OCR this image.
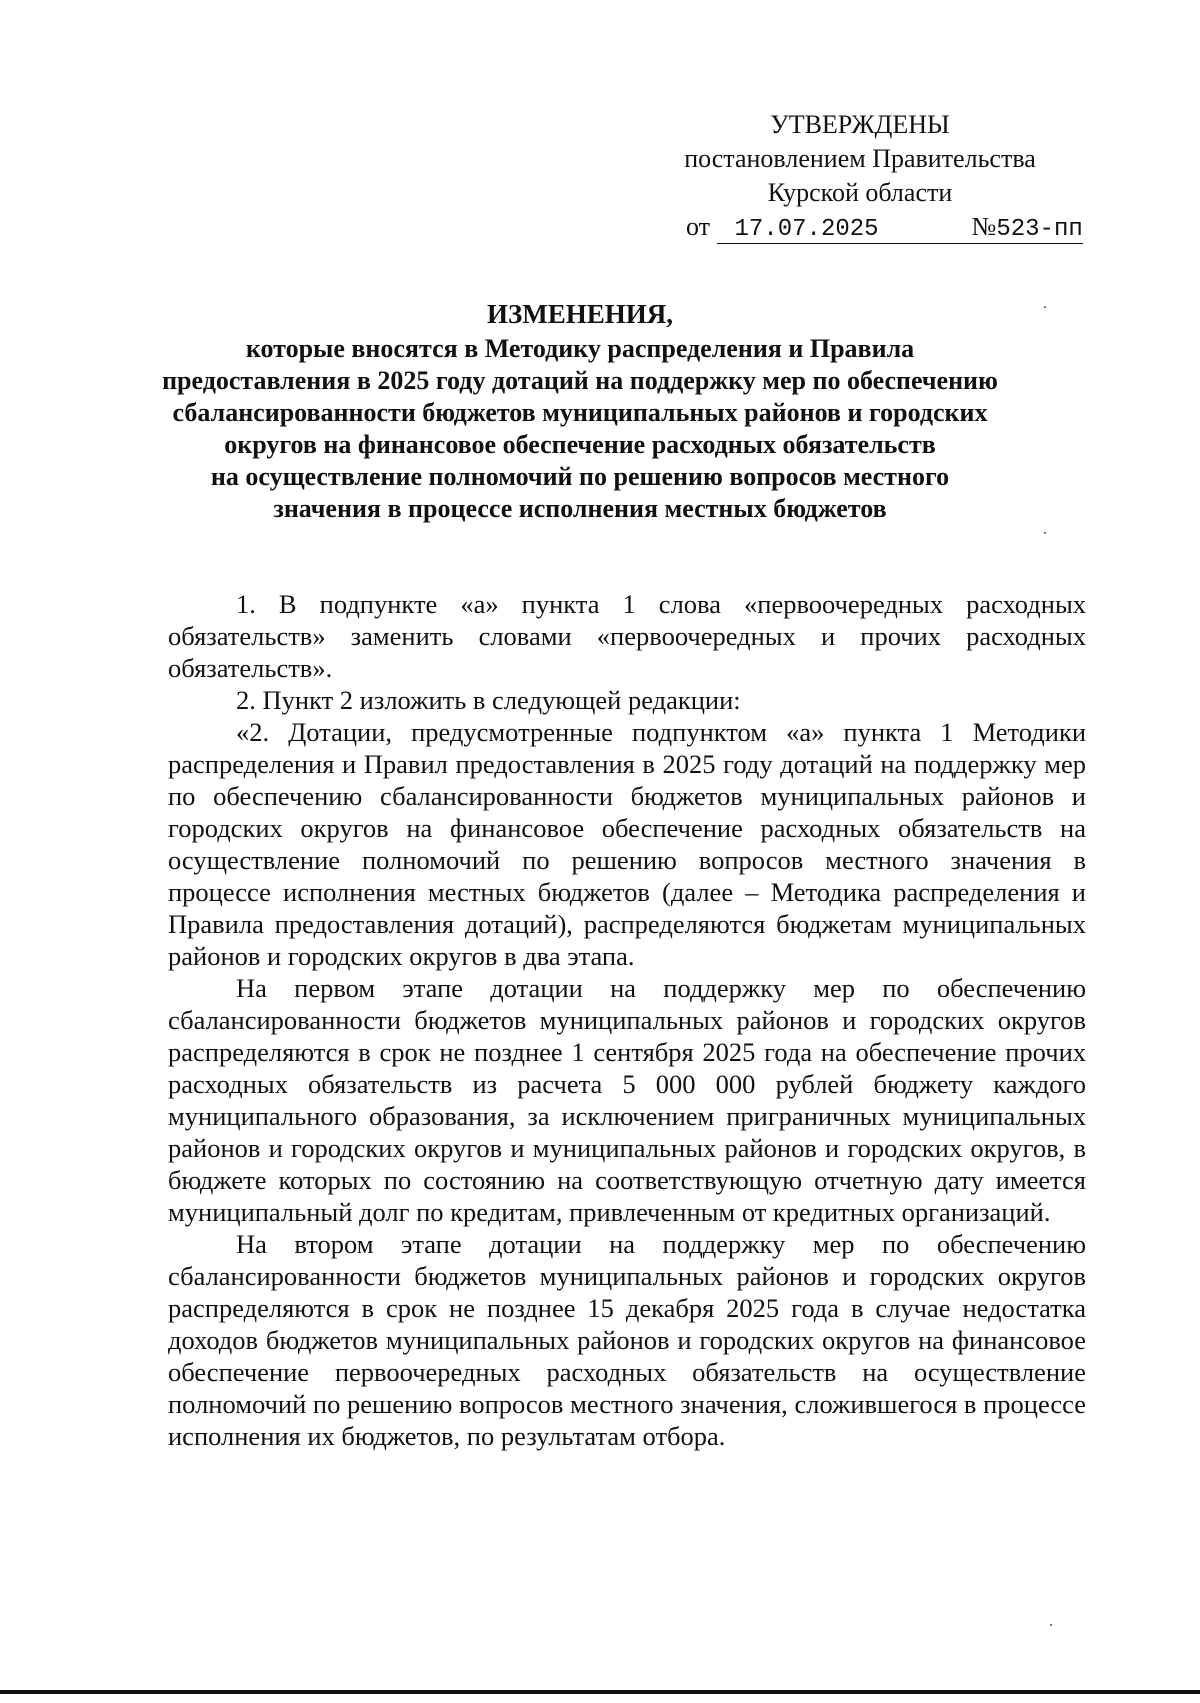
УТВЕРЖДЕНЫ
постановлением Правительства
Курской области
от 17.07.2025	№523-пп
ИЗМЕНЕНИЯ,
которые вносятся в Методику распределения и Правила
предоставления в 2025 году дотаций на поддержку мер по обеспечению
сбалансированности бюджетов муниципальных районов и городских
округов на финансовое обеспечение расходных обязательств
на осуществление полномочий по решению вопросов местного
значения в процессе исполнения местных бюджетов

1. В подпункте «а» пункта 1 слова «первоочередных расходных обязательств» заменить словами «первоочередных и прочих расходных обязательств».

2. Пункт 2 изложить в следующей редакции:

«2. Дотации, предусмотренные подпунктом «а» пункта 1 Методики распределения и Правил предоставления в 2025 году дотаций на поддержку мер по обеспечению сбалансированности бюджетов муниципальных районов и городских округов на финансовое обеспечение расходных обязательств на осуществление полномочий по решению вопросов местного значения в процессе исполнения местных бюджетов (далее – Методика распределения и Правила предоставления дотаций), распределяются бюджетам муниципальных районов и городских округов в два этапа.

На первом этапе дотации на поддержку мер по обеспечению сбалансированности бюджетов муниципальных районов и городских округов распределяются в срок не позднее 1 сентября 2025 года на обеспечение прочих расходных обязательств из расчета 5 000 000 рублей бюджету каждого муниципального образования, за исключением приграничных муниципальных районов и городских округов и муниципальных районов и городских округов, в бюджете которых по состоянию на соответствующую отчетную дату имеется муниципальный долг по кредитам, привлеченным от кредитных организаций.

На втором этапе дотации на поддержку мер по обеспечению сбалансированности бюджетов муниципальных районов и городских округов распределяются в срок не позднее 15 декабря 2025 года в случае недостатка доходов бюджетов муниципальных районов и городских округов на финансовое обеспечение первоочередных расходных обязательств на осуществление полномочий по решению вопросов местного значения, сложившегося в процессе исполнения их бюджетов, по результатам отбора.
